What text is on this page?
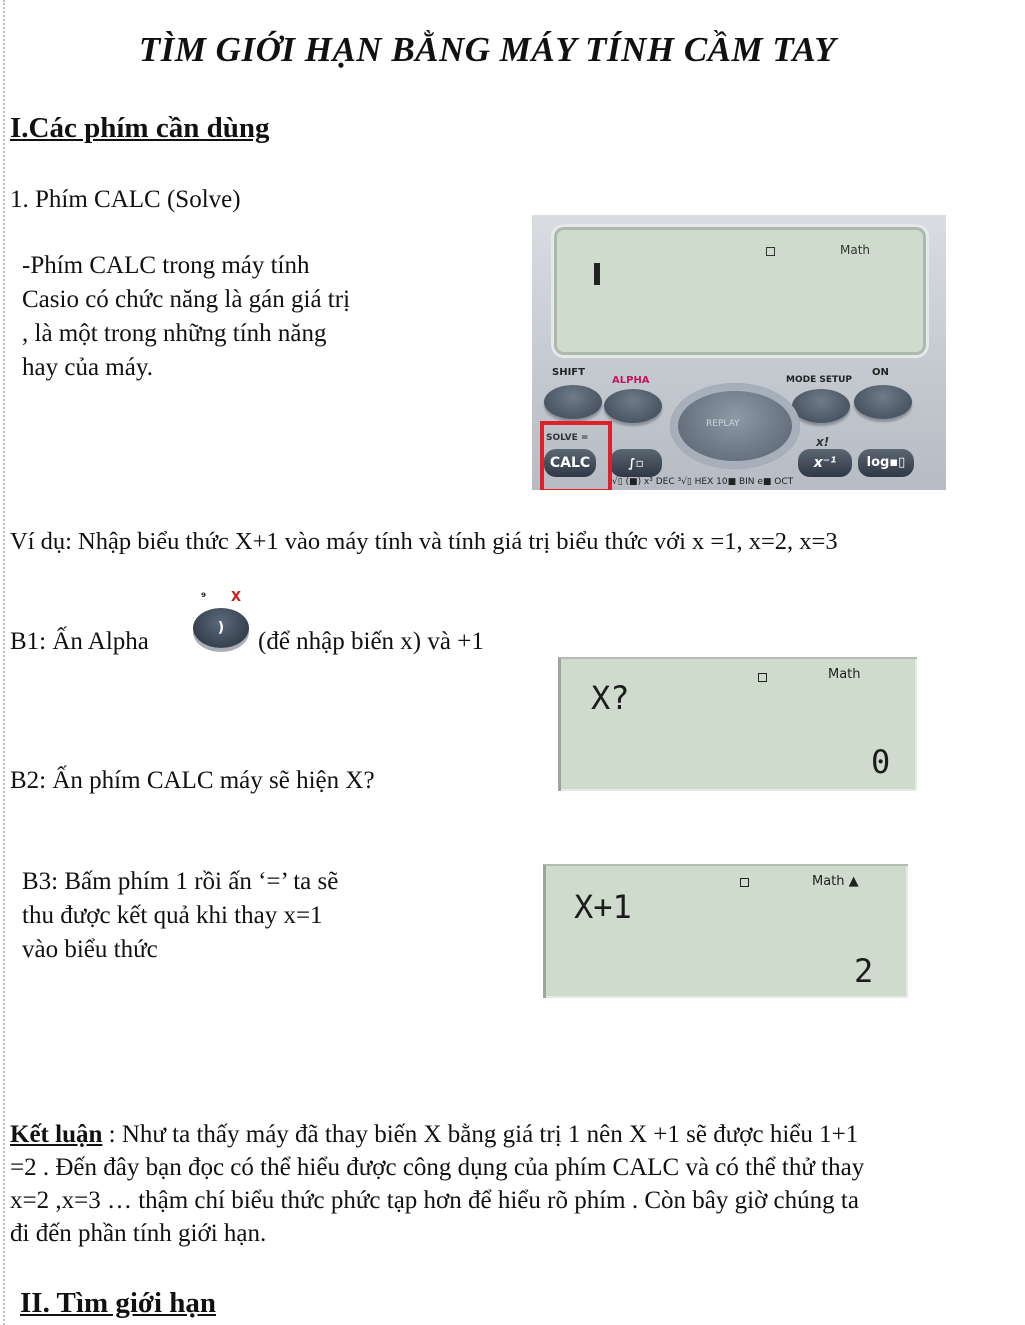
TÌM GIỚI HẠN BẰNG MÁY TÍNH CẦM TAY
I.Các phím cần dùng
1. Phím CALC (Solve)
-Phím CALC trong máy tính
Casio có chức năng là gán giá trị
, là một trong những tính năng
hay của máy.
Math
SHIFT
ALPHA	MODE SETUP
ON
REPLAY
SOLVE =
CALC	∫▫
x!
x⁻¹	log▪▯
√▯ (■) x³ DEC ³√▯ HEX 10■ BIN e■ OCT
Ví dụ: Nhập biểu thức X+1 vào máy tính và tính giá trị biểu thức với x =1, x=2, x=3
B1: Ấn Alpha
⁹ X
)	(để nhập biến x) và +1
Math
X?
0
B2: Ấn phím CALC máy sẽ hiện X?
B3: Bấm phím 1 rồi ấn ‘=’ ta sẽ
thu được kết quả khi thay x=1
vào biểu thức
Math ▲
X+1
2
Kết luận : Như ta thấy máy đã thay biến X bằng giá trị 1 nên X +1 sẽ được hiểu 1+1
=2 . Đến đây bạn đọc có thể hiểu được công dụng của phím CALC và có thể thử thay
x=2 ,x=3 … thậm chí biểu thức phức tạp hơn để hiểu rõ phím . Còn bây giờ chúng ta
đi đến phần tính giới hạn.
II. Tìm giới hạn
